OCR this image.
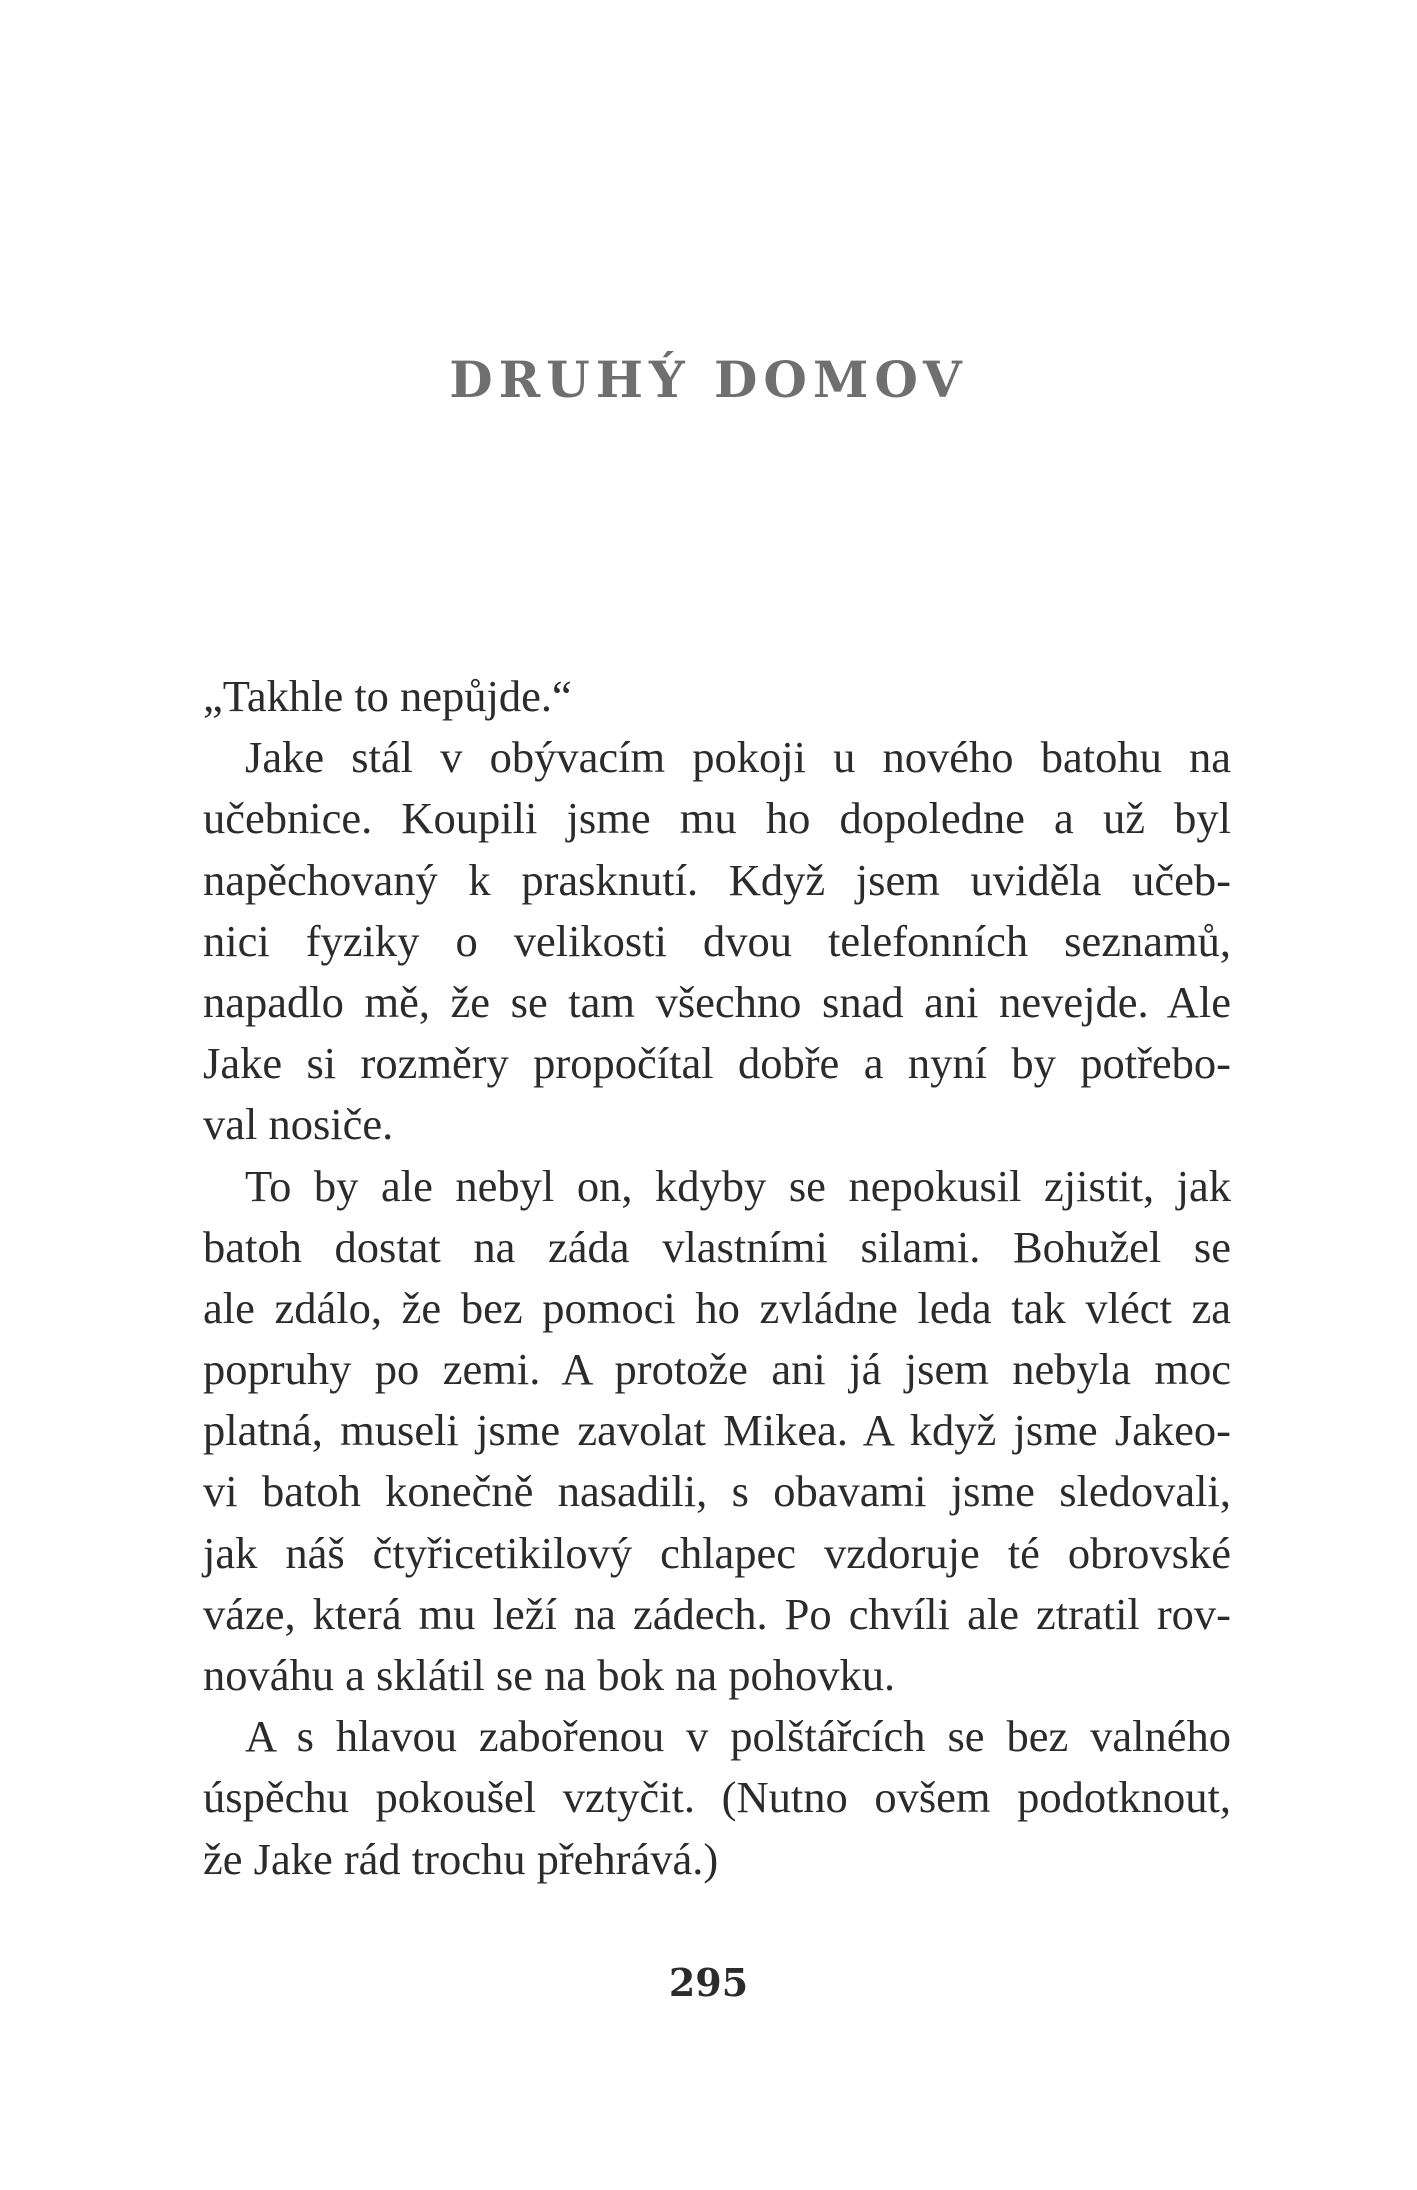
DRUHÝ DOMOV
„Takhle to nepůjde.“
Jake stál v obývacím pokoji u nového batohu na
učebnice. Koupili jsme mu ho dopoledne a už byl
napěchovaný k prasknutí. Když jsem uviděla učeb-
nici fyziky o velikosti dvou telefonních seznamů,
napadlo mě, že se tam všechno snad ani nevejde. Ale
Jake si rozměry propočítal dobře a nyní by potřebo-
val nosiče.
To by ale nebyl on, kdyby se nepokusil zjistit, jak
batoh dostat na záda vlastními silami. Bohužel se
ale zdálo, že bez pomoci ho zvládne leda tak vléct za
popruhy po zemi. A protože ani já jsem nebyla moc
platná, museli jsme zavolat Mikea. A když jsme Jakeo-
vi batoh konečně nasadili, s obavami jsme sledovali,
jak náš čtyřicetikilový chlapec vzdoruje té obrovské
váze, která mu leží na zádech. Po chvíli ale ztratil rov-
nováhu a sklátil se na bok na pohovku.
A s hlavou zabořenou v polštářcích se bez valného
úspěchu pokoušel vztyčit. (Nutno ovšem podotknout,
že Jake rád trochu přehrává.)
295
